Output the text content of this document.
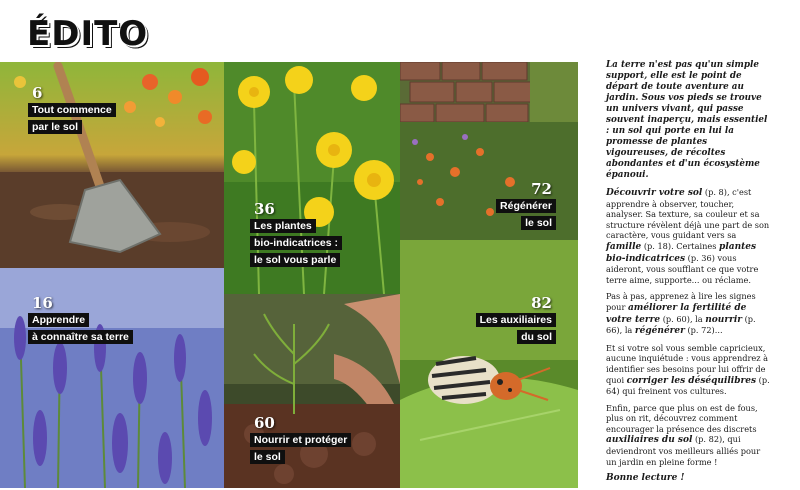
ÉDITO
6
Tout commence
par le sol
36
Les plantes
bio-indicatrices :
le sol vous parle
72
Régénérer
le sol
16
Apprendre
à connaître sa terre
60
Nourrir et protéger
le sol
82
Les auxiliaires
du sol

La terre n'est pas qu'un simple support, elle est le point de départ de toute aventure au jardin. Sous vos pieds se trouve un univers vivant, qui passe souvent inaperçu, mais essentiel : un sol qui porte en lui la promesse de plantes vigoureuses, de récoltes abondantes et d'un écosystème épanoui.

Découvrir votre sol (p. 8), c'est apprendre à observer, toucher, analyser. Sa texture, sa couleur et sa structure révèlent déjà une part de son caractère, vous guidant vers sa famille (p. 18). Certaines plantes bio-indicatrices (p. 36) vous aideront, vous soufflant ce que votre terre aime, supporte... ou réclame.

Pas à pas, apprenez à lire les signes pour améliorer la fertilité de votre terre (p. 60), la nourrir (p. 66), la régénérer (p. 72)...

Et si votre sol vous semble capricieux, aucune inquiétude : vous apprendrez à identifier ses besoins pour lui offrir de quoi corriger les déséquilibres (p. 64) qui freinent vos cultures.

Enfin, parce que plus on est de fous, plus on rit, découvrez comment encourager la présence des discrets auxiliaires du sol (p. 82), qui deviendront vos meilleurs alliés pour un jardin en pleine forme !

Bonne lecture !
